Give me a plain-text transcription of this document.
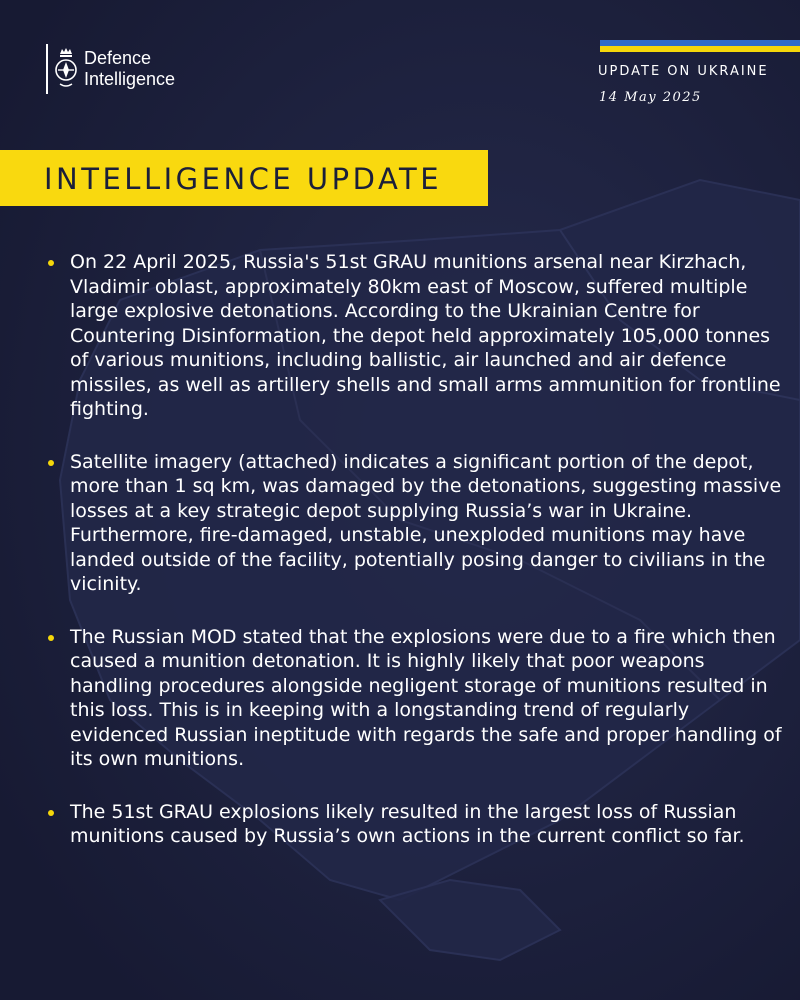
Defence
Intelligence	UPDATE ON UKRAINE
14 May 2025
INTELLIGENCE UPDATE
On 22 April 2025, Russia's 51st GRAU munitions arsenal near Kirzhach, Vladimir oblast, approximately 80km east of Moscow, suffered multiple large explosive detonations. According to the Ukrainian Centre for Countering Disinformation, the depot held approximately 105,000 tonnes of various munitions, including ballistic, air launched and air defence missiles, as well as artillery shells and small arms ammunition for frontline fighting.
Satellite imagery (attached) indicates a significant portion of the depot, more than 1 sq km, was damaged by the detonations, suggesting massive losses at a key strategic depot supplying Russia’s war in Ukraine. Furthermore, fire-damaged, unstable, unexploded munitions may have landed outside of the facility, potentially posing danger to civilians in the vicinity.
The Russian MOD stated that the explosions were due to a fire which then caused a munition detonation. It is highly likely that poor weapons handling procedures alongside negligent storage of munitions resulted in this loss. This is in keeping with a longstanding trend of regularly evidenced Russian ineptitude with regards the safe and proper handling of its own munitions.
The 51st GRAU explosions likely resulted in the largest loss of Russian munitions caused by Russia’s own actions in the current conflict so far.
